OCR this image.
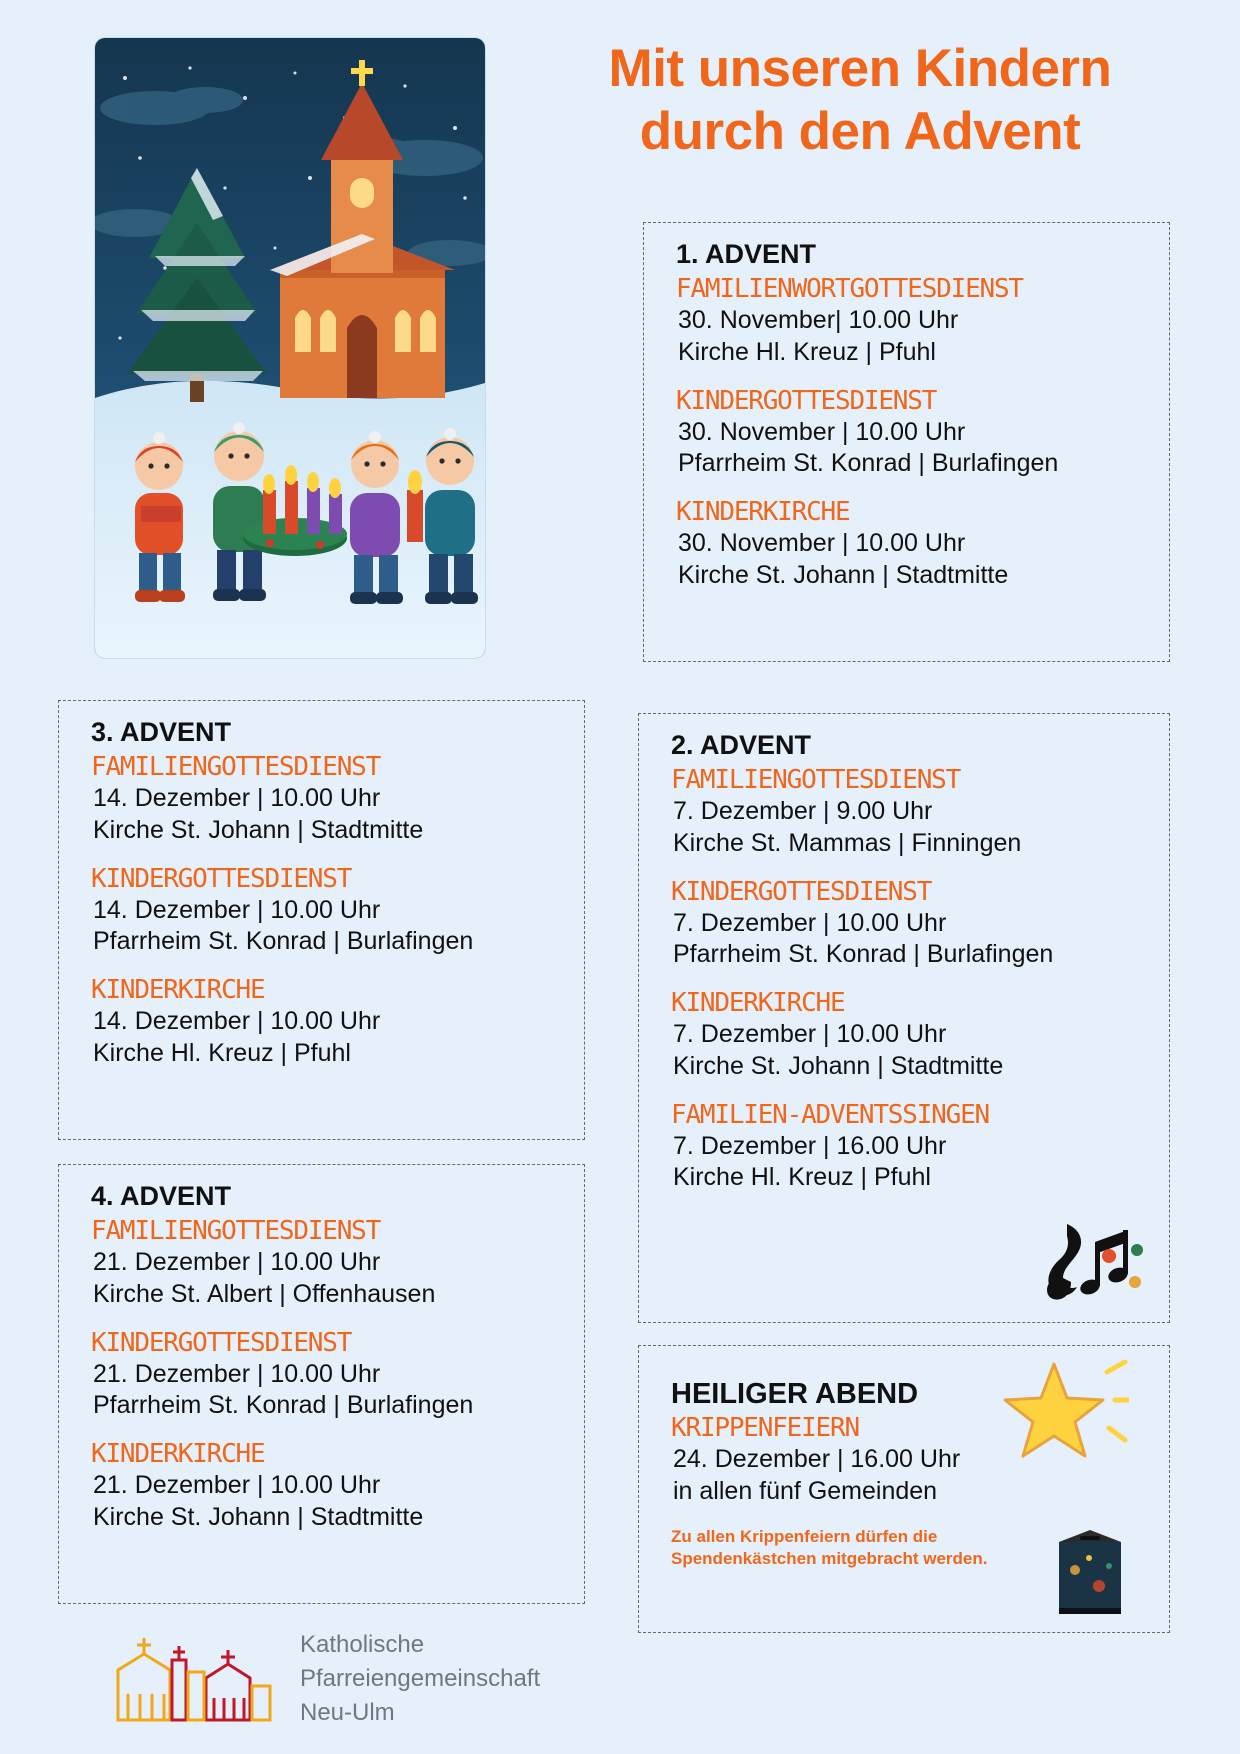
Mit unseren Kindern
durch den Advent
1. ADVENT
FAMILIENWORTGOTTESDIENST
30. November| 10.00 Uhr
Kirche Hl. Kreuz | Pfuhl
KINDERGOTTESDIENST
30. November | 10.00 Uhr
Pfarrheim St. Konrad | Burlafingen
KINDERKIRCHE
30. November | 10.00 Uhr
Kirche St. Johann | Stadtmitte
3. ADVENT
FAMILIENGOTTESDIENST
14. Dezember | 10.00 Uhr
Kirche St. Johann | Stadtmitte
KINDERGOTTESDIENST
14. Dezember | 10.00 Uhr
Pfarrheim St. Konrad | Burlafingen
KINDERKIRCHE
14. Dezember | 10.00 Uhr
Kirche Hl. Kreuz | Pfuhl
2. ADVENT
FAMILIENGOTTESDIENST
7. Dezember | 9.00 Uhr
Kirche St. Mammas | Finningen
KINDERGOTTESDIENST
7. Dezember | 10.00 Uhr
Pfarrheim St. Konrad | Burlafingen
KINDERKIRCHE
7. Dezember | 10.00 Uhr
Kirche St. Johann | Stadtmitte
FAMILIEN-ADVENTSSINGEN
7. Dezember | 16.00 Uhr
Kirche Hl. Kreuz | Pfuhl
4. ADVENT
FAMILIENGOTTESDIENST
21. Dezember | 10.00 Uhr
Kirche St. Albert | Offenhausen
KINDERGOTTESDIENST
21. Dezember | 10.00 Uhr
Pfarrheim St. Konrad | Burlafingen
KINDERKIRCHE
21. Dezember | 10.00 Uhr
Kirche St. Johann | Stadtmitte
HEILIGER ABEND
KRIPPENFEIERN
24. Dezember | 16.00 Uhr
in allen fünf Gemeinden
Zu allen Krippenfeiern dürfen die
Spendenkästchen mitgebracht werden.
Katholische
Pfarreiengemeinschaft
Neu-Ulm
